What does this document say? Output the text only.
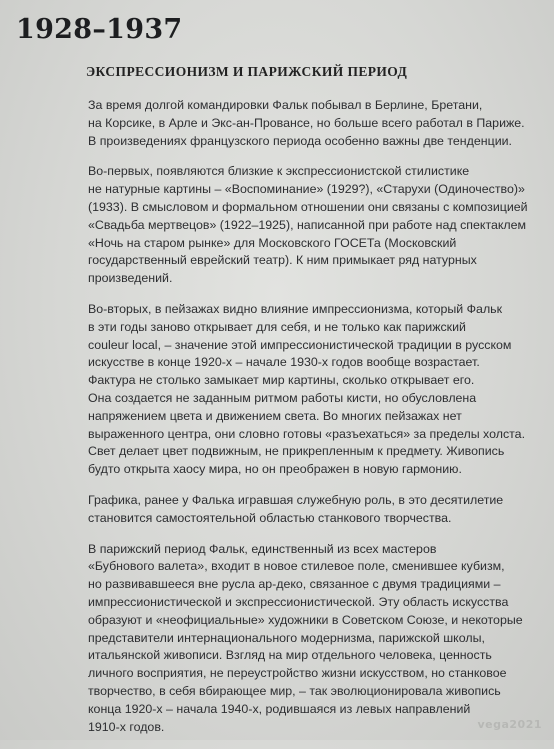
1928–1937
ЭКСПРЕССИОНИЗМ И ПАРИЖСКИЙ ПЕРИОД

За время долгой командировки Фальк побывал в Берлине, Бретани,
на Корсике, в Арле и Экс-ан-Провансе, но больше всего работал в Париже.
В произведениях французского периода особенно важны две тенденции.

Во-первых, появляются близкие к экспрессионистской стилистике
не натурные картины – «Воспоминание» (1929?), «Старухи (Одиночество)»
(1933). В смысловом и формальном отношении они связаны с композицией
«Свадьба мертвецов» (1922–1925), написанной при работе над спектаклем
«Ночь на старом рынке» для Московского ГОСЕТа (Московский
государственный еврейский театр). К ним примыкает ряд натурных
произведений.

Во-вторых, в пейзажах видно влияние импрессионизма, который Фальк
в эти годы заново открывает для себя, и не только как парижский
couleur local, – значение этой импрессионистической традиции в русском
искусстве в конце 1920-х – начале 1930-х годов вообще возрастает.
Фактура не столько замыкает мир картины, сколько открывает его.
Она создается не заданным ритмом работы кисти, но обусловлена
напряжением цвета и движением света. Во многих пейзажах нет
выраженного центра, они словно готовы «разъехаться» за пределы холста.
Свет делает цвет подвижным, не прикрепленным к предмету. Живопись
будто открыта хаосу мира, но он преображен в новую гармонию.

Графика, ранее у Фалька игравшая служебную роль, в это десятилетие
становится самостоятельной областью станкового творчества.

В парижский период Фальк, единственный из всех мастеров
«Бубнового валета», входит в новое стилевое поле, сменившее кубизм,
но развивавшееся вне русла ар-деко, связанное с двумя традициями –
импрессионистической и экспрессионистической. Эту область искусства
образуют и «неофициальные» художники в Советском Союзе, и некоторые
представители интернационального модернизма, парижской школы,
итальянской живописи. Взгляд на мир отдельного человека, ценность
личного восприятия, не переустройство жизни искусством, но станковое
творчество, в себя вбирающее мир, – так эволюционировала живопись
конца 1920-х – начала 1940-х, родившаяся из левых направлений
1910-х годов.	vega2021
